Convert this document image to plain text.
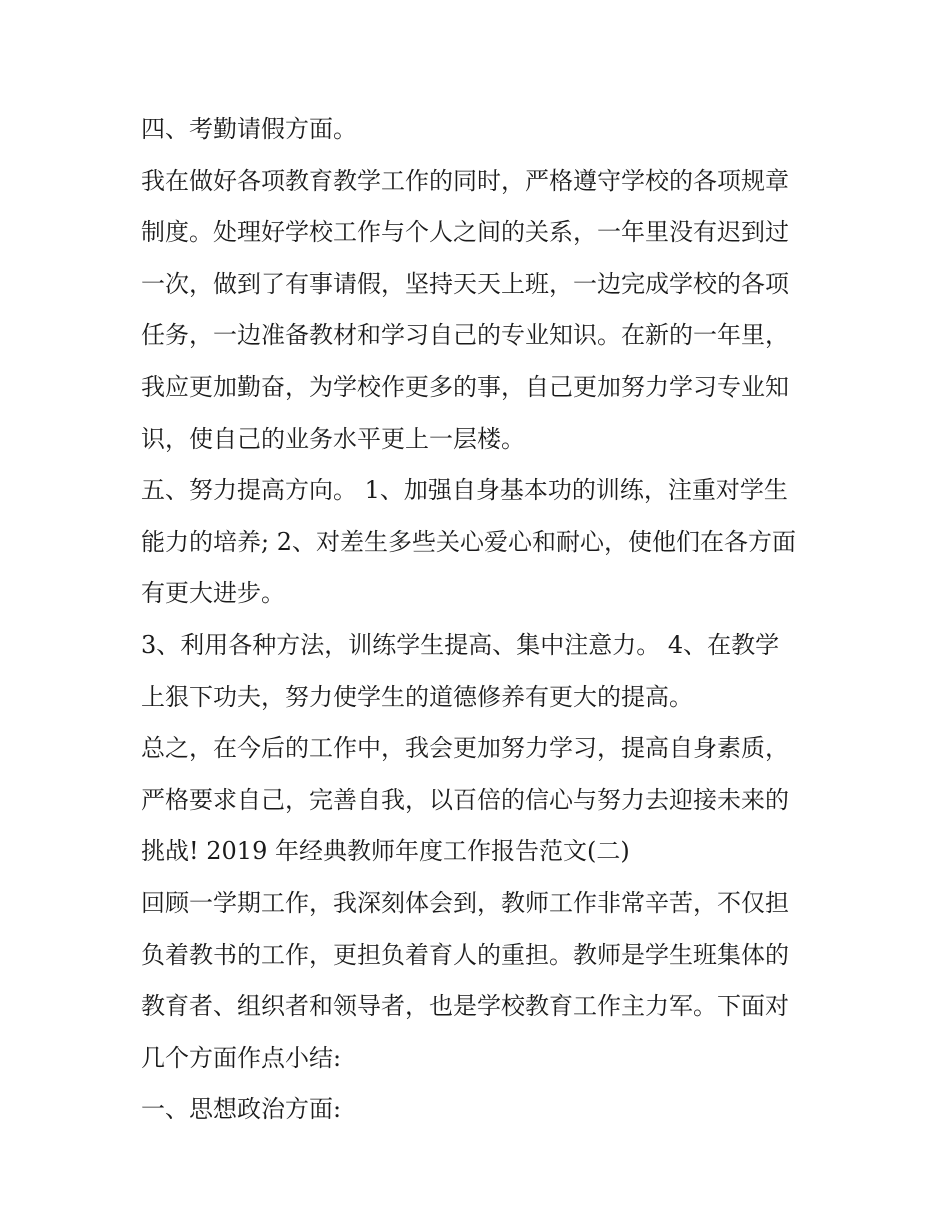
四、考勤请假方面。

我在做好各项教育教学工作的同时，严格遵守学校的各项规章
制度。处理好学校工作与个人之间的关系，一年里没有迟到过
一次，做到了有事请假，坚持天天上班，一边完成学校的各项
任务，一边准备教材和学习自己的专业知识。在新的一年里，
我应更加勤奋，为学校作更多的事，自己更加努力学习专业知
识，使自己的业务水平更上一层楼。

五、努力提高方向。 1、加强自身基本功的训练，注重对学生
能力的培养; 2、对差生多些关心爱心和耐心，使他们在各方面
有更大进步。

3、利用各种方法，训练学生提高、集中注意力。 4、在教学
上狠下功夫，努力使学生的道德修养有更大的提高。

总之，在今后的工作中，我会更加努力学习，提高自身素质，
严格要求自己，完善自我，以百倍的信心与努力去迎接未来的
挑战! 2019 年经典教师年度工作报告范文(二)

回顾一学期工作，我深刻体会到，教师工作非常辛苦，不仅担
负着教书的工作，更担负着育人的重担。教师是学生班集体的
教育者、组织者和领导者，也是学校教育工作主力军。下面对
几个方面作点小结:

一、思想政治方面:
